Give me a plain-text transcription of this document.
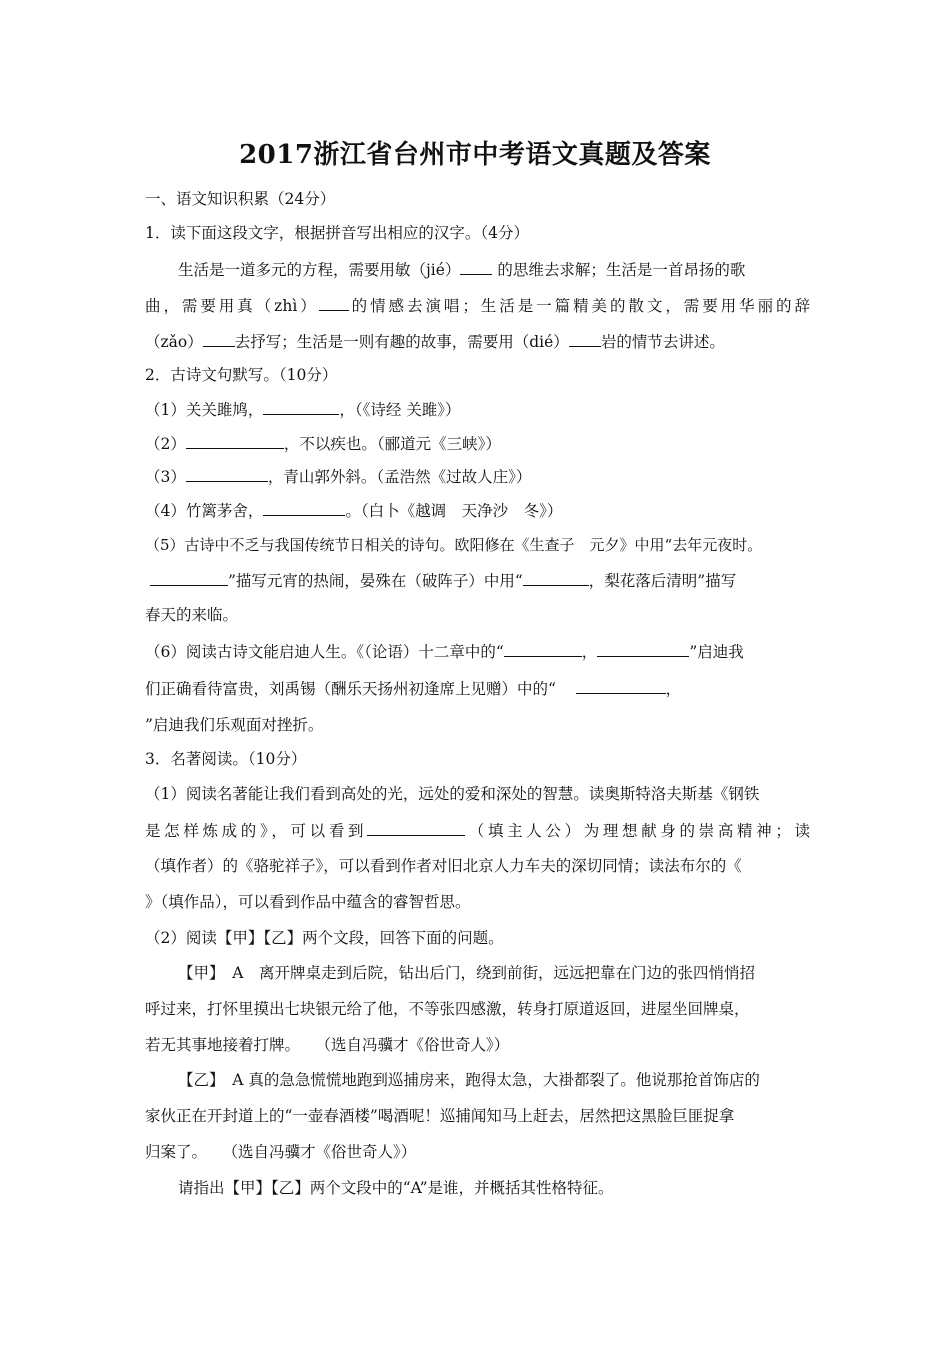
2017浙江省台州市中考语文真题及答案
一、语文知识积累（24分）
1．读下面这段文字，根据拼音写出相应的汉字。（4分）
生活是一道多元的方程，需要用敏（jié） 的思维去求解；生活是一首昂扬的歌
曲，需要用真（zhì） 的情感去演唱；生活是一篇精美的散文，需要用华丽的辞
（zǎo） 去抒写；生活是一则有趣的故事，需要用（dié） 岩的情节去讲述。
2．古诗文句默写。（10分）
（1）关关雎鸠，	，（《诗经 关雎》）
（2）	，不以疾也。（郦道元《三峡》）
（3）	，青山郭外斜。（孟浩然《过故人庄》）
（4）竹篱茅舍，	。（白卜《越调　天净沙　冬》）
（5）古诗中不乏与我国传统节日相关的诗句。欧阳修在《生查子　元夕》中用“去年元夜时。
”描写元宵的热闹，晏殊在（破阵子）中用“	，梨花落后清明”描写
春天的来临。
（6）阅读古诗文能启迪人生。《（论语）十二章中的“	，	”启迪我
们正确看待富贵，刘禹锡（酬乐天扬州初逢席上见赠）中的“	，
”启迪我们乐观面对挫折。
3．名著阅读。（10分）
（1）阅读名著能让我们看到高处的光，远处的爱和深处的智慧。读奥斯特洛夫斯基《钢铁
是怎样炼成的》，可以看到	（填主人公）为理想献身的崇高精神；读
（填作者）的《骆驼祥子》，可以看到作者对旧北京人力车夫的深切同情；读法布尔的《
》（填作品），可以看到作品中蕴含的睿智哲思。
（2）阅读【甲】【乙】两个文段，回答下面的问题。
【甲】　A　离开牌桌走到后院，钻出后门，绕到前街，远远把靠在门边的张四悄悄招
呼过来，打怀里摸出七块银元给了他，不等张四感激，转身打原道返回，进屋坐回牌桌，
若无其事地接着打牌。　　（选自冯骥才《俗世奇人》）
【乙】　A 真的急急慌慌地跑到巡捕房来，跑得太急，大褂都裂了。他说那抢首饰店的
家伙正在开封道上的“一壶春酒楼”喝酒呢！巡捕闻知马上赶去，居然把这黑脸巨匪捉拿
归案了。　　（选自冯骥才《俗世奇人》）
请指出【甲】【乙】两个文段中的“A”是谁，并概括其性格特征。
